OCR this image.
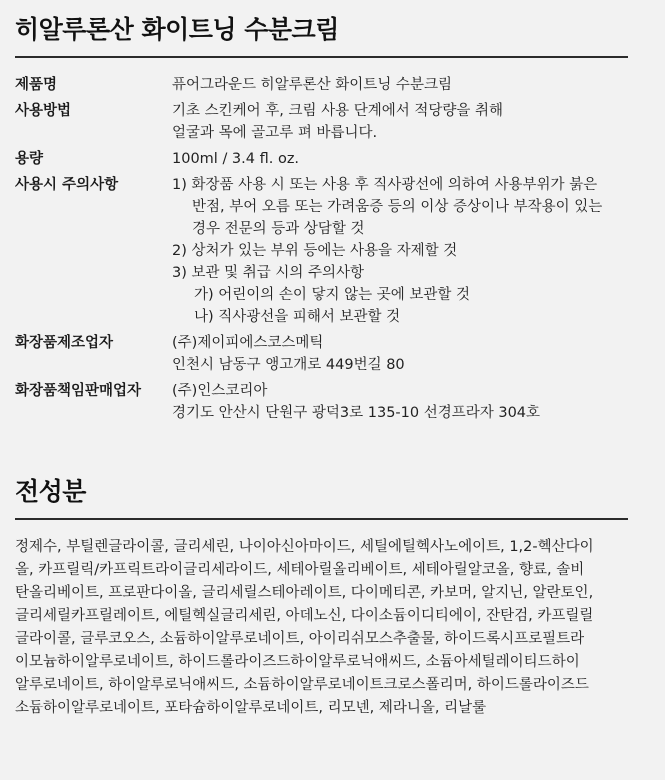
히알루론산 화이트닝 수분크림
제품명	퓨어그라운드 히알루론산 화이트닝 수분크림
사용방법	기초 스킨케어 후, 크림 사용 단계에서 적당량을 취해
얼굴과 목에 골고루 펴 바릅니다.
용량	100ml / 3.4 fl. oz.
사용시 주의사항	1) 화장품 사용 시 또는 사용 후 직사광선에 의하여 사용부위가 붉은
반점, 부어 오름 또는 가려움증 등의 이상 증상이나 부작용이 있는
경우 전문의 등과 상담할 것
2) 상처가 있는 부위 등에는 사용을 자제할 것
3) 보관 및 취급 시의 주의사항
가) 어린이의 손이 닿지 않는 곳에 보관할 것
나) 직사광선을 피해서 보관할 것
화장품제조업자	(주)제이피에스코스메틱
인천시 남동구 앵고개로 449번길 80
화장품책임판매업자	(주)인스코리아
경기도 안산시 단원구 광덕3로 135-10 선경프라자 304호
전성분
정제수, 부틸렌글라이콜, 글리세린, 나이아신아마이드, 세틸에틸헥사노에이트, 1,2-헥산다이
올, 카프릴릭/카프릭트라이글리세라이드, 세테아릴올리베이트, 세테아릴알코올, 향료, 솔비
탄올리베이트, 프로판다이올, 글리세릴스테아레이트, 다이메티콘, 카보머, 알지닌, 알란토인,
글리세릴카프릴레이트, 에틸헥실글리세린, 아데노신, 다이소듐이디티에이, 잔탄검, 카프릴릴
글라이콜, 글루코오스, 소듐하이알루로네이트, 아이리쉬모스추출물, 하이드록시프로필트라
이모늄하이알루로네이트, 하이드롤라이즈드하이알루로닉애씨드, 소듐아세틸레이티드하이
알루로네이트, 하이알루로닉애씨드, 소듐하이알루로네이트크로스폴리머, 하이드롤라이즈드
소듐하이알루로네이트, 포타슘하이알루로네이트, 리모넨, 제라니올, 리날룰
